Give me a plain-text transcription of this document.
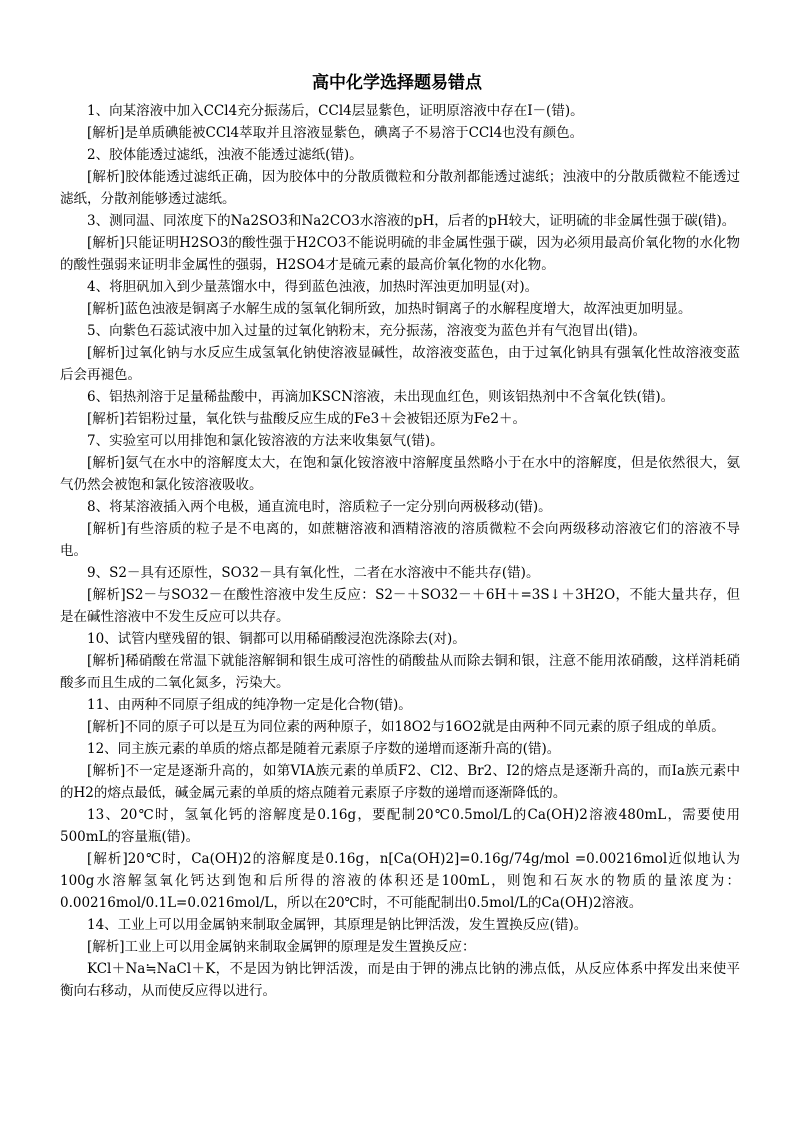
高中化学选择题易错点

1、向某溶液中加入CCl4充分振荡后，CCl4层显紫色，证明原溶液中存在I－(错)。

[解析]是单质碘能被CCl4萃取并且溶液显紫色，碘离子不易溶于CCl4也没有颜色。

2、胶体能透过滤纸，浊液不能透过滤纸(错)。

[解析]胶体能透过滤纸正确，因为胶体中的分散质微粒和分散剂都能透过滤纸；浊液中的分散质微粒不能透过滤纸，分散剂能够透过滤纸。

3、测同温、同浓度下的Na2SO3和Na2CO3水溶液的pH，后者的pH较大，证明硫的非金属性强于碳(错)。

[解析]只能证明H2SO3的酸性强于H2CO3不能说明硫的非金属性强于碳，因为必须用最高价氧化物的水化物的酸性强弱来证明非金属性的强弱，H2SO4才是硫元素的最高价氧化物的水化物。

4、将胆矾加入到少量蒸馏水中，得到蓝色浊液，加热时浑浊更加明显(对)。

[解析]蓝色浊液是铜离子水解生成的氢氧化铜所致，加热时铜离子的水解程度增大，故浑浊更加明显。

5、向紫色石蕊试液中加入过量的过氧化钠粉末，充分振荡，溶液变为蓝色并有气泡冒出(错)。

[解析]过氧化钠与水反应生成氢氧化钠使溶液显碱性，故溶液变蓝色，由于过氧化钠具有强氧化性故溶液变蓝后会再褪色。

6、铝热剂溶于足量稀盐酸中，再滴加KSCN溶液，未出现血红色，则该铝热剂中不含氧化铁(错)。

[解析]若铝粉过量，氧化铁与盐酸反应生成的Fe3＋会被铝还原为Fe2＋。

7、实验室可以用排饱和氯化铵溶液的方法来收集氨气(错)。

[解析]氨气在水中的溶解度太大，在饱和氯化铵溶液中溶解度虽然略小于在水中的溶解度，但是依然很大，氨气仍然会被饱和氯化铵溶液吸收。

8、将某溶液插入两个电极，通直流电时，溶质粒子一定分别向两极移动(错)。

[解析]有些溶质的粒子是不电离的，如蔗糖溶液和酒精溶液的溶质微粒不会向两级移动溶液它们的溶液不导电。

9、S2－具有还原性，SO32－具有氧化性，二者在水溶液中不能共存(错)。

[解析]S2－与SO32－在酸性溶液中发生反应：S2－＋SO32－＋6H＋=3S↓＋3H2O，不能大量共存，但是在碱性溶液中不发生反应可以共存。

10、试管内壁残留的银、铜都可以用稀硝酸浸泡洗涤除去(对)。

[解析]稀硝酸在常温下就能溶解铜和银生成可溶性的硝酸盐从而除去铜和银，注意不能用浓硝酸，这样消耗硝酸多而且生成的二氧化氮多，污染大。

11、由两种不同原子组成的纯净物一定是化合物(错)。

[解析]不同的原子可以是互为同位素的两种原子，如18O2与16O2就是由两种不同元素的原子组成的单质。

12、同主族元素的单质的熔点都是随着元素原子序数的递增而逐渐升高的(错)。

[解析]不一定是逐渐升高的，如第VIA族元素的单质F2、Cl2、Br2、I2的熔点是逐渐升高的，而Ia族元素中的H2的熔点最低，碱金属元素的单质的熔点随着元素原子序数的递增而逐渐降低的。

13、20℃时，氢氧化钙的溶解度是0.16g，要配制20℃0.5mol/L的Ca(OH)2溶液480mL，需要使用500mL的容量瓶(错)。

[解析]20℃时，Ca(OH)2的溶解度是0.16g，n[Ca(OH)2]=0.16g/74g/mol =0.00216mol近似地认为100g水溶解氢氧化钙达到饱和后所得的溶液的体积还是100mL，则饱和石灰水的物质的量浓度为：0.00216mol/0.1L=0.0216mol/L，所以在20℃时，不可能配制出0.5mol/L的Ca(OH)2溶液。

14、工业上可以用金属钠来制取金属钾，其原理是钠比钾活泼，发生置换反应(错)。

[解析]工业上可以用金属钠来制取金属钾的原理是发生置换反应：

KCl＋Na≒NaCl＋K，不是因为钠比钾活泼，而是由于钾的沸点比钠的沸点低，从反应体系中挥发出来使平衡向右移动，从而使反应得以进行。
